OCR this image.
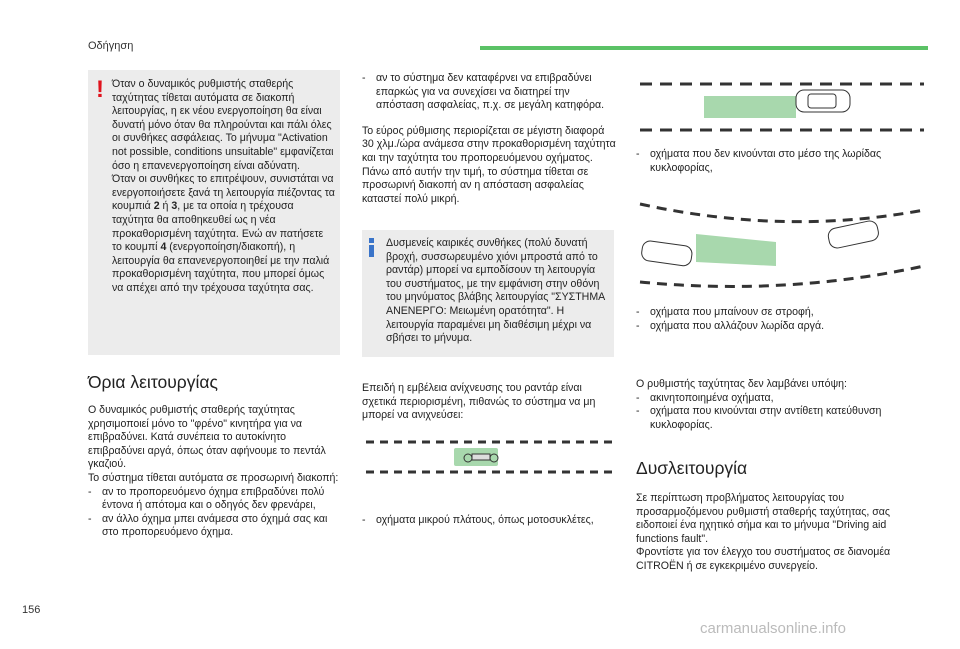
Οδήγηση
! Όταν ο δυναμικός ρυθμιστής σταθερής ταχύτητας τίθεται αυτόματα σε διακοπή λειτουργίας, η εκ νέου ενεργοποίηση θα είναι δυνατή μόνο όταν θα πληρούνται και πάλι όλες οι συνθήκες ασφάλειας. Το μήνυμα "Activation not possible, conditions unsuitable" εμφανίζεται όσο η επανενεργοποίηση είναι αδύνατη.

Όταν οι συνθήκες το επιτρέψουν, συνιστάται να ενεργοποιήσετε ξανά τη λειτουργία πιέζοντας τα κουμπιά 2 ή 3, με τα οποία η τρέχουσα ταχύτητα θα αποθηκευθεί ως η νέα προκαθορισμένη ταχύτητα. Ενώ αν πατήσετε το κουμπί 4 (ενεργοποίηση/διακοπή), η λειτουργία θα επανενεργοποιηθεί με την παλιά προκαθορισμένη ταχύτητα, που μπορεί όμως να απέχει από την τρέχουσα ταχύτητα σας.

Όρια λειτουργίας

Ο δυναμικός ρυθμιστής σταθερής ταχύτητας χρησιμοποιεί μόνο το "φρένο" κινητήρα για να επιβραδύνει. Κατά συνέπεια το αυτοκίνητο επιβραδύνει αργά, όπως όταν αφήνουμε το πεντάλ γκαζιού.

Το σύστημα τίθεται αυτόματα σε προσωρινή διακοπή:

- αν το προπορευόμενο όχημα επιβραδύνει πολύ έντονα ή απότομα και ο οδηγός δεν φρενάρει,
- αν άλλο όχημα μπει ανάμεσα στο όχημά σας και στο προπορευόμενο όχημα.
- αν το σύστημα δεν καταφέρνει να επιβραδύνει επαρκώς για να συνεχίσει να διατηρεί την απόσταση ασφαλείας, π.χ. σε μεγάλη κατηφόρα.

Το εύρος ρύθμισης περιορίζεται σε μέγιστη διαφορά 30 χλμ./ώρα ανάμεσα στην προκαθορισμένη ταχύτητα και την ταχύτητα του προπορευόμενου οχήματος. Πάνω από αυτήν την τιμή, το σύστημα τίθεται σε προσωρινή διακοπή αν η απόσταση ασφαλείας καταστεί πολύ μικρή.

Δυσμενείς καιρικές συνθήκες (πολύ δυνατή βροχή, συσσωρευμένο χιόνι μπροστά από το ραντάρ) μπορεί να εμποδίσουν τη λειτουργία του συστήματος, με την εμφάνιση στην οθόνη του μηνύματος βλάβης λειτουργίας "ΣΥΣΤΗΜΑ ΑΝΕΝΕΡΓΟ: Μειωμένη ορατότητα". Η λειτουργία παραμένει μη διαθέσιμη μέχρι να σβήσει το μήνυμα.

Επειδή η εμβέλεια ανίχνευσης του ραντάρ είναι σχετικά περιορισμένη, πιθανώς το σύστημα να μη μπορεί να ανιχνεύσει:

- οχήματα μικρού πλάτους, όπως μοτοσυκλέτες,
- οχήματα που δεν κινούνται στο μέσο της λωρίδας κυκλοφορίας,
- οχήματα που μπαίνουν σε στροφή,
- οχήματα που αλλάζουν λωρίδα αργά.

Ο ρυθμιστής ταχύτητας δεν λαμβάνει υπόψη:

- ακινητοποιημένα οχήματα,
- οχήματα που κινούνται στην αντίθετη κατεύθυνση κυκλοφορίας.
Δυσλειτουργία

Σε περίπτωση προβλήματος λειτουργίας του προσαρμοζόμενου ρυθμιστή σταθερής ταχύτητας, σας ειδοποιεί ένα ηχητικό σήμα και το μήνυμα "Driving aid functions fault".

Φροντίστε για τον έλεγχο του συστήματος σε διανομέα CITROËN ή σε εγκεκριμένο συνεργείο.

156
carmanualsonline.info
